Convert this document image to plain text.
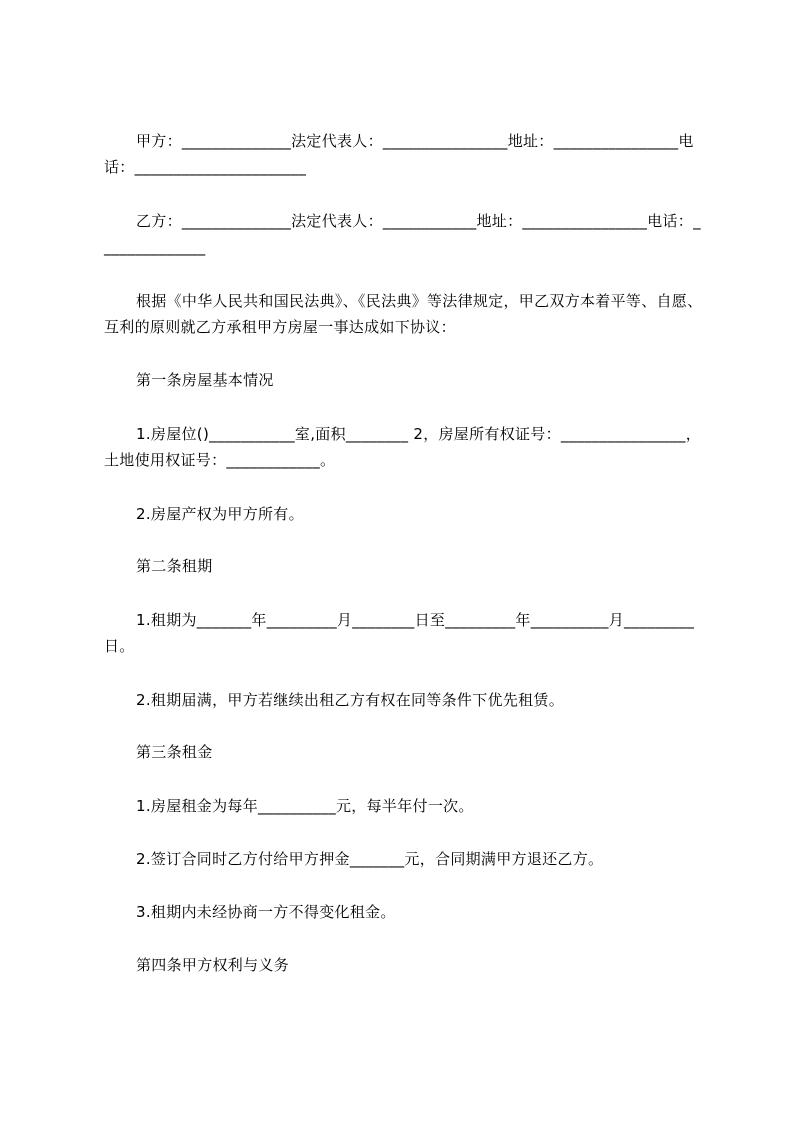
甲方：______________法定代表人：________________地址：________________电话：______________________
乙方：______________法定代表人：____________地址：________________电话：______________
根据《中华人民共和国民法典》、《民法典》等法律规定，甲乙双方本着平等、自愿、互利的原则就乙方承租甲方房屋一事达成如下协议：
第一条房屋基本情况
1.房屋位()___________室,面积________ 2，房屋所有权证号：________________，土地使用权证号：____________。
2.房屋产权为甲方所有。
第二条租期
1.租期为_______年_________月________日至_________年__________月_________日。
2.租期届满，甲方若继续出租乙方有权在同等条件下优先租赁。
第三条租金
1.房屋租金为每年__________元，每半年付一次。
2.签订合同时乙方付给甲方押金_______元，合同期满甲方退还乙方。
3.租期内未经协商一方不得变化租金。
第四条甲方权利与义务
